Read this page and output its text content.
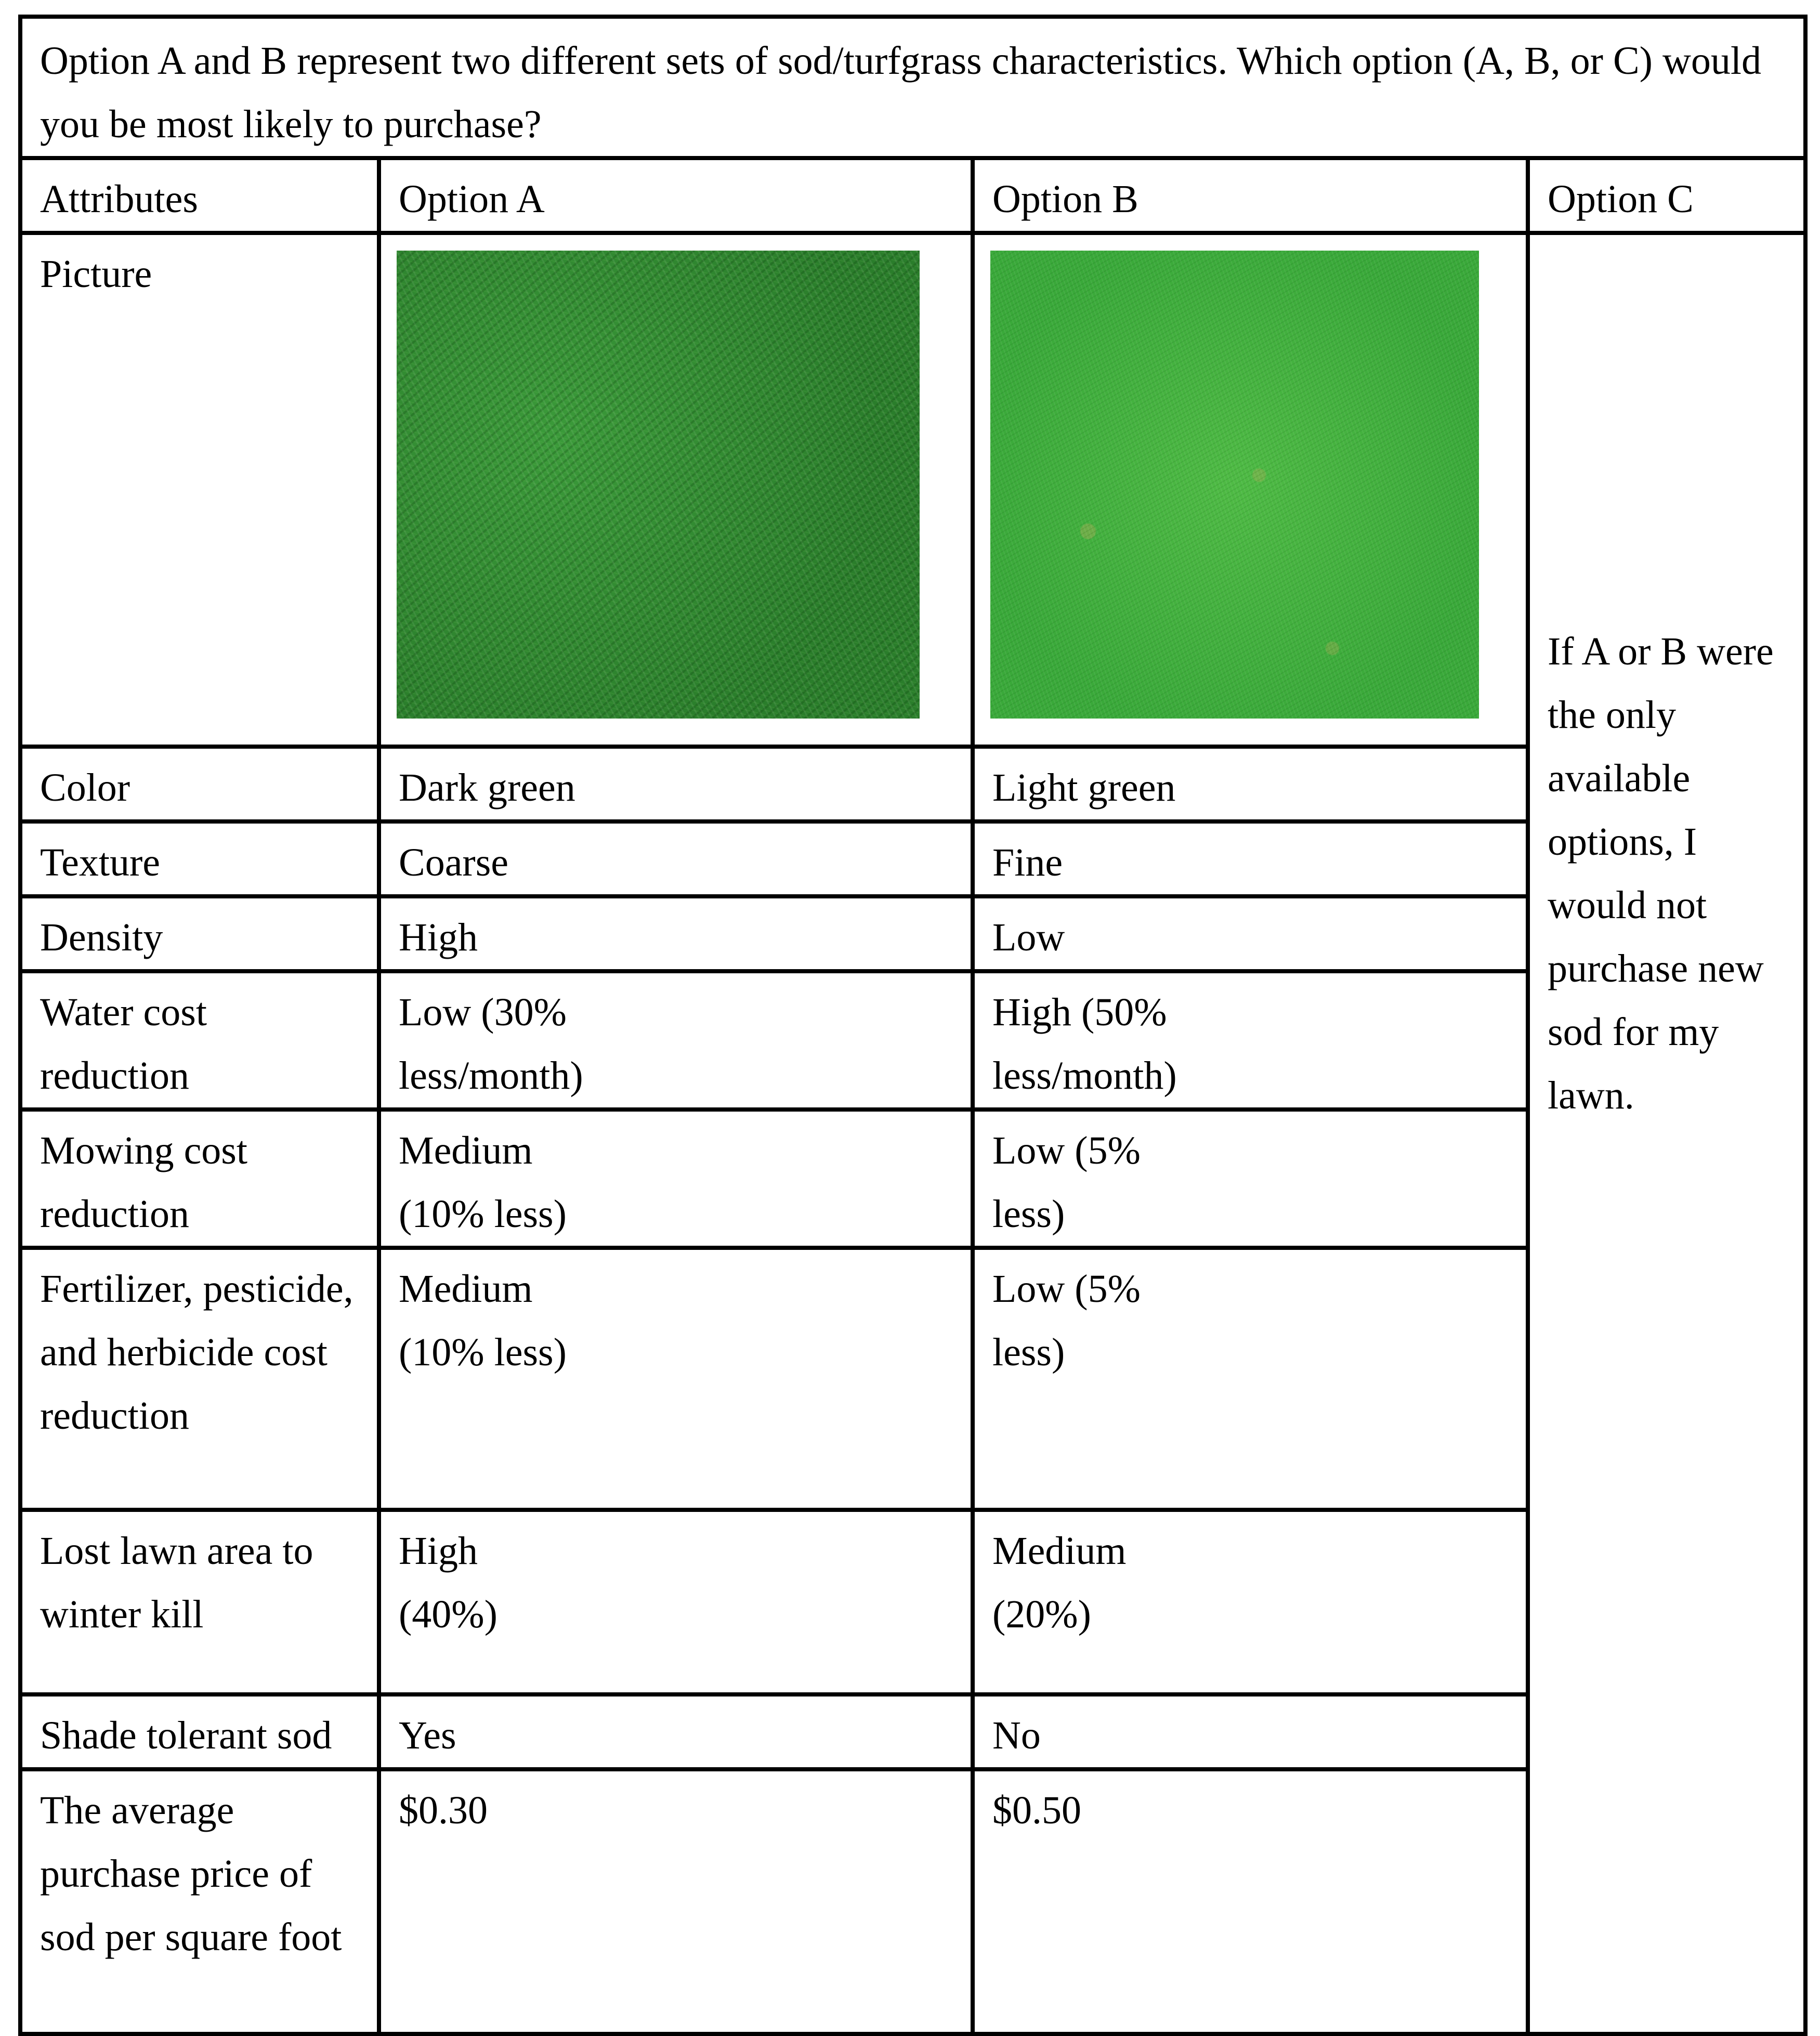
Option A and B represent two different sets of sod/turfgrass characteristics. Which option (A, B, or C) would you be most likely to purchase?			
Attributes	Option A	Option B	Option C
Picture			If A or B were the only available options, I would not purchase new sod for my lawn.
Color	Dark green	Light green	
Texture	Coarse	Fine	
Density	High	Low	
Water cost reduction	Low (30% less/month)	High (50% less/month)	
Mowing cost reduction	Medium (10% less)	Low (5% less)	
Fertilizer, pesticide, and herbicide cost reduction	Medium (10% less)	Low (5% less)	
Lost lawn area to winter kill	High (40%)	Medium (20%)	
Shade tolerant sod	Yes	No	
The average purchase price of sod per square foot	$0.30	$0.50	
